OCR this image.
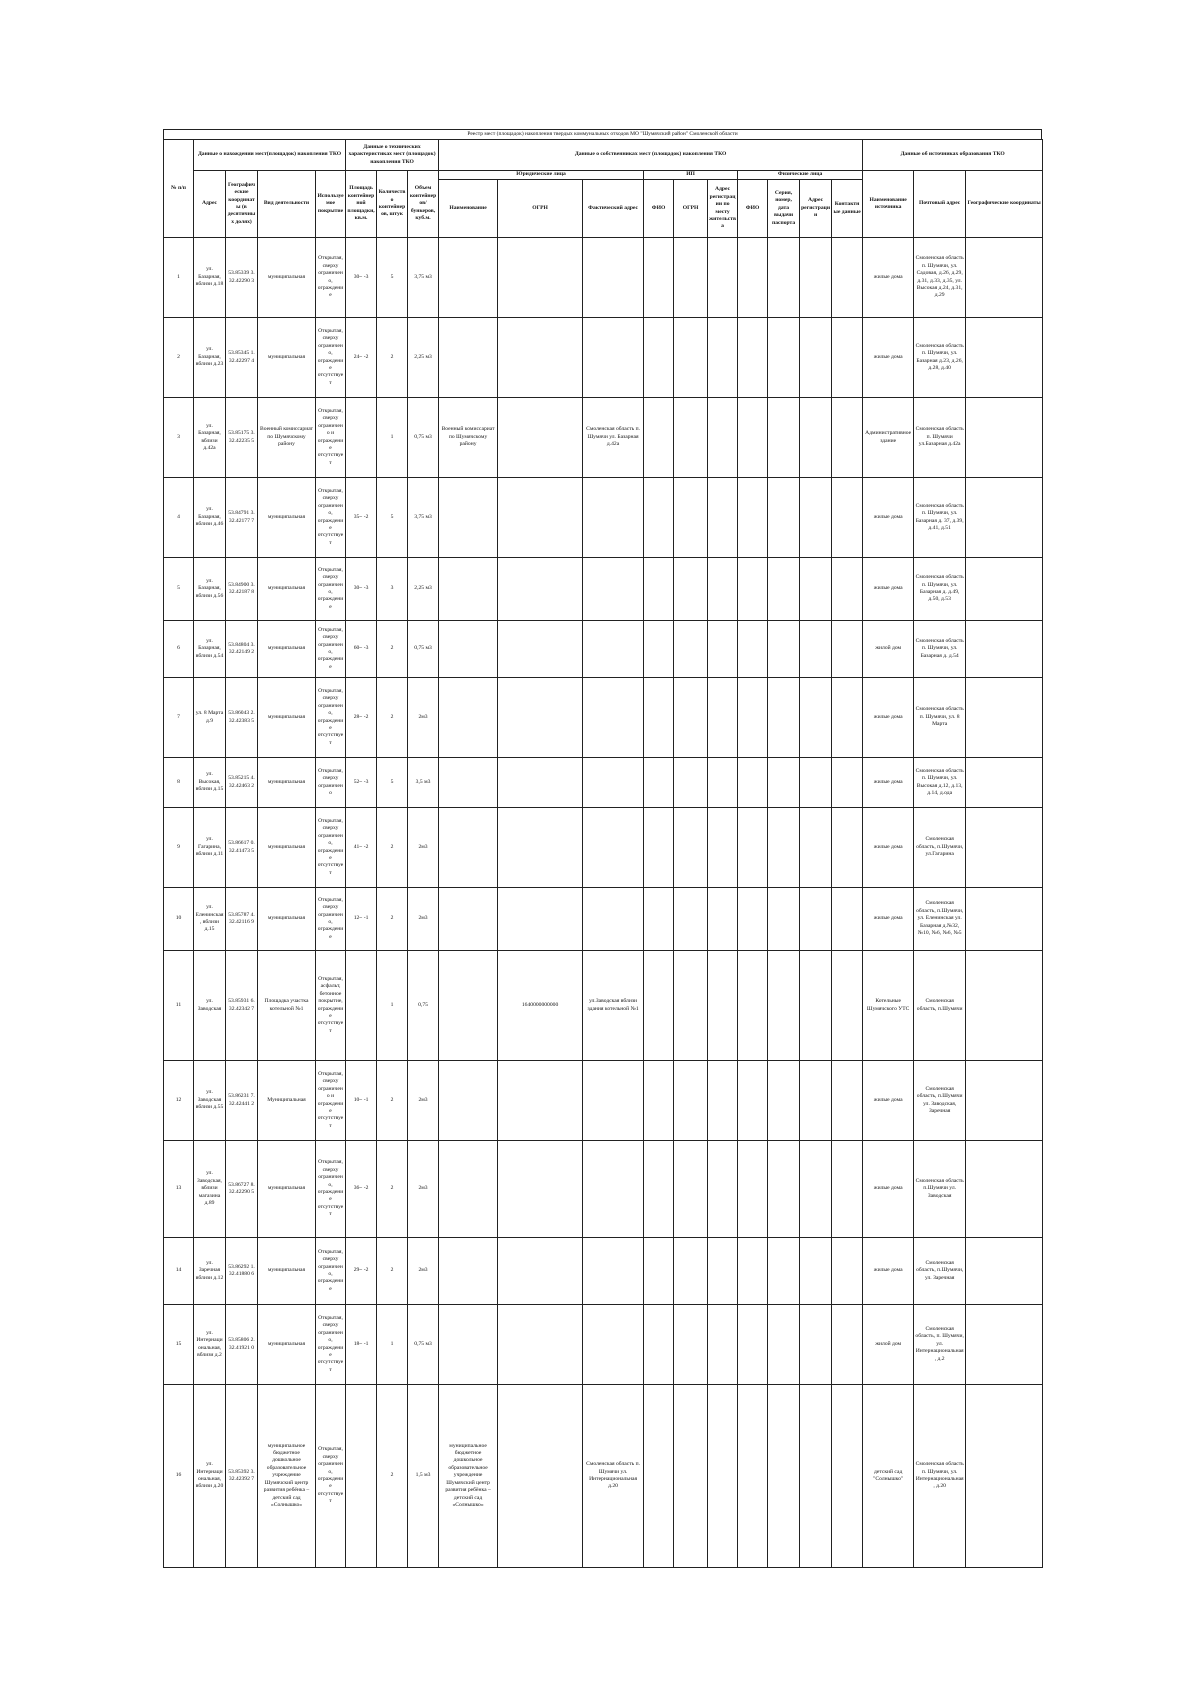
Реестр мест (площадок) накопления твердых коммунальных отходов МО "Шумячский район" Смоленской области
№ п/п	Данные о нахождении мест(площадок) накопления ТКО				Данные о технических характеристиках мест (площадок) накопления ТКО			Данные о собственниках мест (площадок) накопления ТКО										Данные об источниках образования ТКО		
	Адрес	Географические координаты (в десятичных долях)	Вид деятельности	Используемое покрытие	Площадь контейнерной площадки, кв.м.	Количество контейнеров, штук	Объем контейнеров/бункеров, куб.м.	Юридические лица			ИП			Физические лица				Наименование источника	Почтовый адрес	Географические координаты
								Наименование	ОГРН	Фактический адрес	ФИО	ОГРН	Адрес регистрации по месту жительства	ФИО	Серия, номер, дата выдачи паспорта	Адрес регистрации	Контактные данные			
1	ул. Базарная, вблизи д.18	53.85339 3. 32.42290 3	муниципальная	Открытая, сверху ограничено, ограждение	30~ -3	5	3,75 м3											жилые дома	Смоленская область п. Шумячи, ул. Садовая, д.26, д.29, д.31, д.33, д.35, ул. Высокая д.24, д.31, д.29	
2	ул. Базарная, вблизи д.23	53.85345 1. 32.42297 4	муниципальная	Открытая, сверху ограничено, ограждение отсутствует	24~ -2	2	2,25 м3											жилые дома	Смоленская область п. Шумячи, ул. Базарная д.23, д.26, д.28, д.40	
3	ул. Базарная, вблизи д.42а	53.85175 3. 32.42235 5	Военный комиссариат по Шумячскому району	Открытая, сверху ограничено и ограждение отсутствует		1	0,75 м3	Военный комиссариат по Шумячскому району		Смоленская область п. Шумячи ул. Базарная д.42а								Административное здание	Смоленская область п. Шумячи ул.Базарная д.42а	
4	ул. Базарная, вблизи д.46	53.84791 3. 32.42177 7	муниципальная	Открытая, сверху ограничено, ограждение отсутствует	35~ -2	5	3,75 м3											жилые дома	Смоленская область п. Шумячи, ул. Базарная д. 37, д.39, д.41, д.51	
5	ул. Базарная, вблизи д.56	53.84900 3. 32.42187 8	муниципальная	Открытая, сверху ограничено, ограждение	30~ -3	3	2,25 м3											жилые дома	Смоленская область п. Шумячи, ул. Базарная д. д.49, д.50, д.53	
6	ул. Базарная, вблизи д.54	53.84804 3. 32.42149 2	муниципальная	Открытая, сверху ограничено, ограждение	60~ -3	2	0,75 м3											жилой дом	Смоленская область п. Шумячи, ул. Базарная д. д.54	
7	ул. 8 Марта д.9	53.86043 2. 32.42383 5	муниципальная	Открытая, сверху ограничено, ограждение отсутствует	28~ -2	2	2м3											жилые дома	Смоленская область п. Шумячи, ул. 8 Марта	
8	ул. Высокая, вблизи д.15	53.85215 4. 32.42463 2	муниципальная	Открытая, сверху ограничено	52~ -3	5	3,5 м3											жилые дома	Смоленская область п. Шумячи, ул. Высокая д.12, д.13, д.14, д.ода	
9	ул. Гагарина, вблизи д.11	53.86617 0. 32.41473 5	муниципальная	Открытая, сверху ограничено, ограждение отсутствует	41~ -2	2	2м3											жилые дома	Смоленская область, п.Шумячи, ул.Гагарина	
10	ул. Еленинская, вблизи д.15	53.85787 4. 32.42116 9	муниципальная	Открытая, сверху ограничено, ограждение	12~ -1	2	2м3											жилые дома	Смоленская область, п.Шумячи, ул. Еленинская ул. Базарная д.№32, №10, №6, №6, №5	
11	ул. Заводская	53.85931 6. 32.42342 7	Площадка участка котельной №1	Открытая, асфальт, бетонное покрытие, ограждение отсутствует		1	0,75		1640000000000	ул.Заводская вблизи здания котельной №1								Котельные Шумячского УТС	Смоленская область, п.Шумячи	
12	ул. Заводская вблизи д.55	53.86231 7. 32.42441 2	Муниципальная	Открытая, сверху ограничено и ограждение отсутствует	10~ -1	2	2м3											жилые дома	Смоленская область, п.Шумячи ул. Заводская, Заречная	
13	ул. Заводская, вблизи магазина д.89	53.86727 8. 32.42290 5	муниципальная	Открытая, сверху ограничено, ограждение отсутствует	36~ -2	2	2м3											жилые дома	Смоленская область п.Шумячи ул. Заводская	
14	ул. Заречная вблизи д.12	53.86292 1. 32.41880 6	муниципальная	Открытая, сверху ограничено, ограждение	29~ -2	2	2м3											жилые дома	Смоленская область, п.Шумячи, ул. Заречная	
15	ул. Интернациональная, вблизи д.2	53.85806 2. 32.41921 0	муниципальная	Открытая, сверху ограничено, ограждение отсутствует	18~ -1	1	0,75 м3											жилой дом	Смоленская область, п. Шумячи, ул. Интернациональная, д.2	
16	ул. Интернациональная, вблизи д.20	53.85392 3. 32.42392 7	муниципальное бюджетное дошкольное образовательное учреждение Шумячский центр развития ребёнка – детский сад «Солнышко»	Открытая, сверху ограничено, ограждение отсутствует		2	1,5 м3	муниципальное бюджетное дошкольное образовательное учреждение Шумячский центр развития ребёнка – детский сад «Солнышко»		Смоленская область п. Шумячи ул. Интернациональная д.20								детский сад "Солнышко"	Смоленская область п. Шумячи, ул. Интернациональная, д.20	
